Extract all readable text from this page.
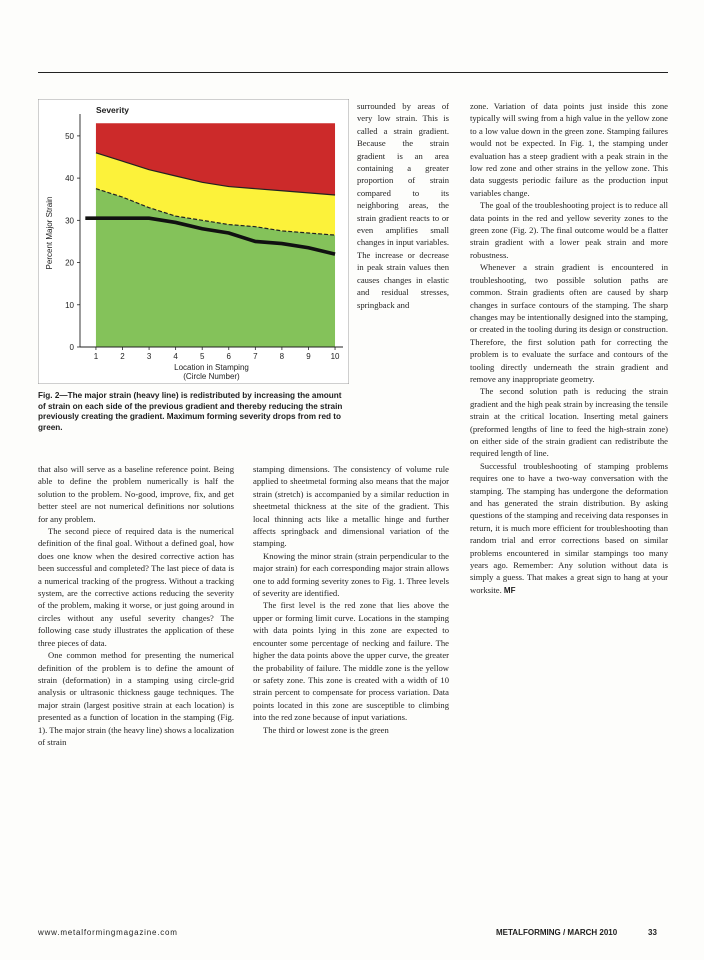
0
10
20
30
40
50
1	2	3	4	5	6	7	8	9 10
Severity
Location in Stamping
(Circle Number)
Percent Major Strain
Fig. 2—The major strain (heavy line) is redistributed by increasing the amount of strain on each side of the previous gradient and thereby reducing the strain previously creating the gradient. Maximum forming severity drops from red to green.

surrounded by areas of very low strain. This is called a strain gradient. Because the strain gradient is an area containing a greater proportion of strain compared to its neighboring areas, the strain gradient reacts to or even amplifies small changes in input variables. The increase or decrease in peak strain values then causes changes in elastic and residual stresses, springback and

that also will serve as a baseline reference point. Being able to define the problem numerically is half the solution to the problem. No-good, improve, fix, and get better steel are not numerical definitions nor solutions for any problem.

The second piece of required data is the numerical definition of the final goal. Without a defined goal, how does one know when the desired corrective action has been successful and completed? The last piece of data is a numerical tracking of the progress. Without a tracking system, are the corrective actions reducing the severity of the problem, making it worse, or just going around in circles without any useful severity changes? The following case study illustrates the application of these three pieces of data.

One common method for presenting the numerical definition of the problem is to define the amount of strain (deformation) in a stamping using circle-grid analysis or ultrasonic thickness gauge techniques. The major strain (largest positive strain at each location) is presented as a function of location in the stamping (Fig. 1). The major strain (the heavy line) shows a localization of strain

stamping dimensions. The consistency of volume rule applied to sheetmetal forming also means that the major strain (stretch) is accompanied by a similar reduction in sheetmetal thickness at the site of the gradient. This local thinning acts like a metallic hinge and further affects springback and dimensional variation of the stamping.

Knowing the minor strain (strain perpendicular to the major strain) for each corresponding major strain allows one to add forming severity zones to Fig. 1. Three levels of severity are identified.

The first level is the red zone that lies above the upper or forming limit curve. Locations in the stamping with data points lying in this zone are expected to encounter some percentage of necking and failure. The higher the data points above the upper curve, the greater the probability of failure. The middle zone is the yellow or safety zone. This zone is created with a width of 10 strain percent to compensate for process variation. Data points located in this zone are susceptible to climbing into the red zone because of input variations.

The third or lowest zone is the green

zone. Variation of data points just inside this zone typically will swing from a high value in the yellow zone to a low value down in the green zone. Stamping failures would not be expected. In Fig. 1, the stamping under evaluation has a steep gradient with a peak strain in the low red zone and other strains in the yellow zone. This data suggests periodic failure as the production input variables change.

The goal of the troubleshooting project is to reduce all data points in the red and yellow severity zones to the green zone (Fig. 2). The final outcome would be a flatter strain gradient with a lower peak strain and more robustness.

Whenever a strain gradient is encountered in troubleshooting, two possible solution paths are common. Strain gradients often are caused by sharp changes in surface contours of the stamping. The sharp changes may be intentionally designed into the stamping, or created in the tooling during its design or construction. Therefore, the first solution path for correcting the problem is to evaluate the surface and contours of the tooling directly underneath the strain gradient and remove any inappropriate geometry.

The second solution path is reducing the strain gradient and the high peak strain by increasing the tensile strain at the critical location. Inserting metal gainers (preformed lengths of line to feed the high-strain zone) on either side of the strain gradient can redistribute the required length of line.

Successful troubleshooting of stamping problems requires one to have a two-way conversation with the stamping. The stamping has undergone the deformation and has generated the strain distribution. By asking questions of the stamping and receiving data responses in return, it is much more efficient for troubleshooting than random trial and error corrections based on similar problems encountered in similar stampings too many years ago. Remember: Any solution without data is simply a guess. That makes a great sign to hang at your worksite. MF

www.metalformingmagazine.com	METALFORMING / MARCH 2010	33
